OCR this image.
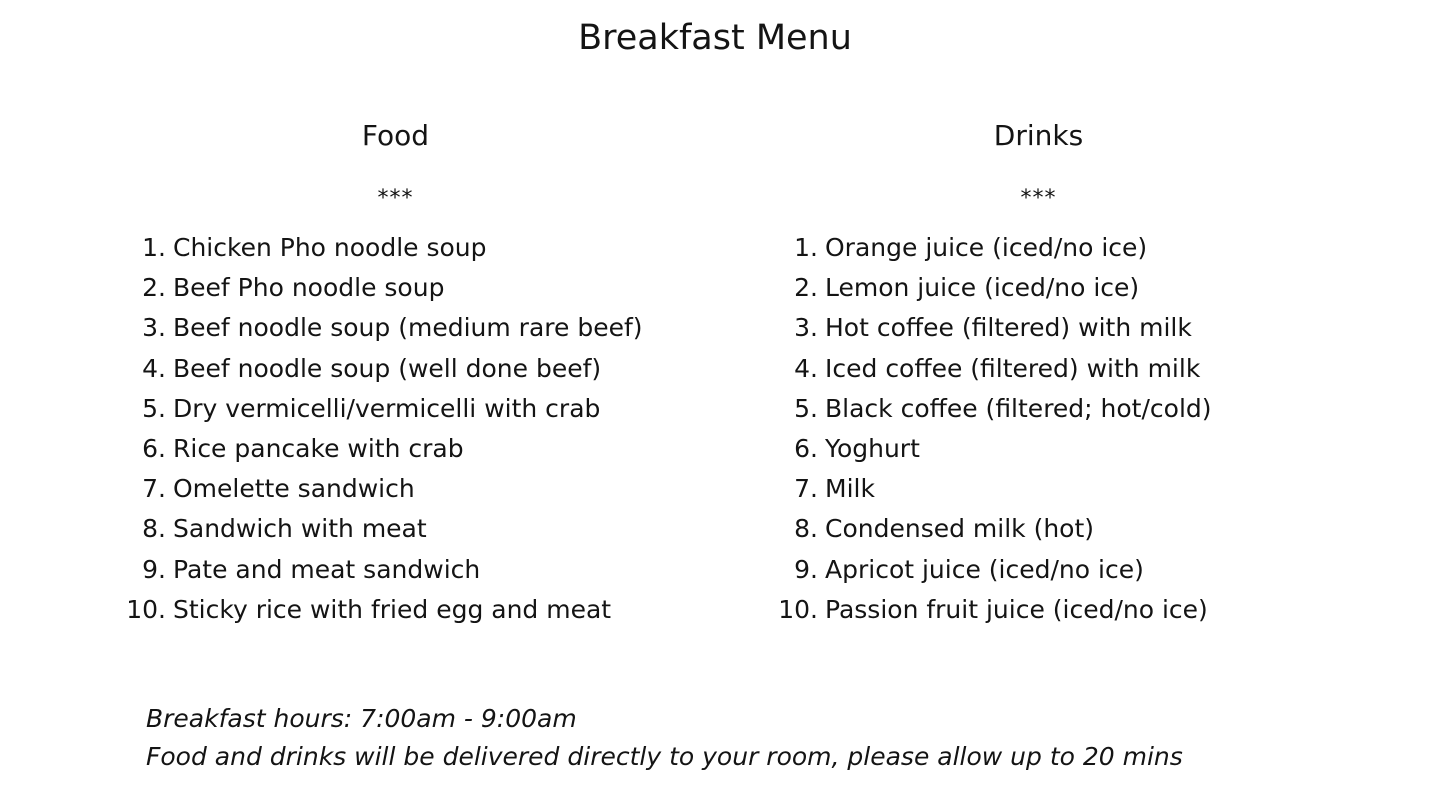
Breakfast Menu
Food
***
1. Chicken Pho noodle soup
2. Beef Pho noodle soup
3. Beef noodle soup (medium rare beef)
4. Beef noodle soup (well done beef)
5. Dry vermicelli/vermicelli with crab
6. Rice pancake with crab
7. Omelette sandwich
8. Sandwich with meat
9. Pate and meat sandwich
10. Sticky rice with fried egg and meat
Drinks
***
1. Orange juice (iced/no ice)
2. Lemon juice (iced/no ice)
3. Hot coffee (filtered) with milk
4. Iced coffee (filtered) with milk
5. Black coffee (filtered; hot/cold)
6. Yoghurt
7. Milk
8. Condensed milk (hot)
9. Apricot juice (iced/no ice)
10. Passion fruit juice (iced/no ice)
Breakfast hours: 7:00am - 9:00am
Food and drinks will be delivered directly to your room, please allow up to 20 mins
